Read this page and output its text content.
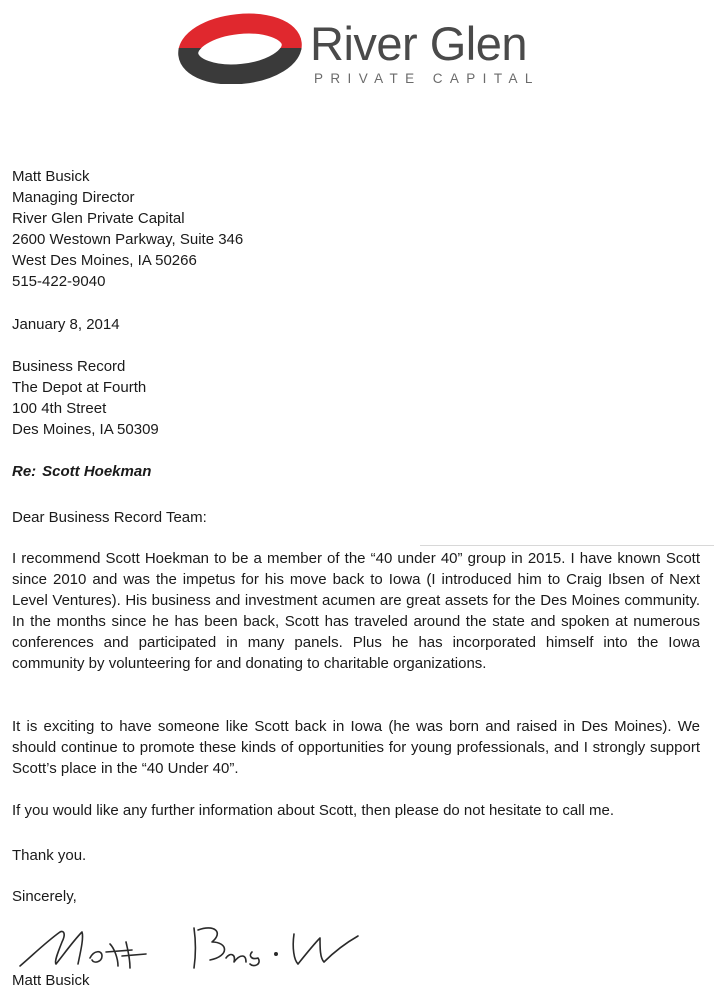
River Glen
PRIVATE CAPITAL
Matt Busick
Managing Director
River Glen Private Capital
2600 Westown Parkway, Suite 346
West Des Moines, IA 50266
515-422-9040
January 8, 2014
Business Record
The Depot at Fourth
100 4th Street
Des Moines, IA 50309
Re: Scott Hoekman
Dear Business Record Team:
I recommend Scott Hoekman to be a member of the “40 under 40” group in 2015. I have known Scott since 2010 and was the impetus for his move back to Iowa (I introduced him to Craig Ibsen of Next Level Ventures). His business and investment acumen are great assets for the Des Moines community. In the months since he has been back, Scott has traveled around the state and spoken at numerous conferences and participated in many panels. Plus he has incorporated himself into the Iowa community by volunteering for and donating to charitable organizations.
It is exciting to have someone like Scott back in Iowa (he was born and raised in Des Moines). We should continue to promote these kinds of opportunities for young professionals, and I strongly support Scott’s place in the “40 Under 40”.
If you would like any further information about Scott, then please do not hesitate to call me.
Thank you.
Sincerely,
Matt Busick
